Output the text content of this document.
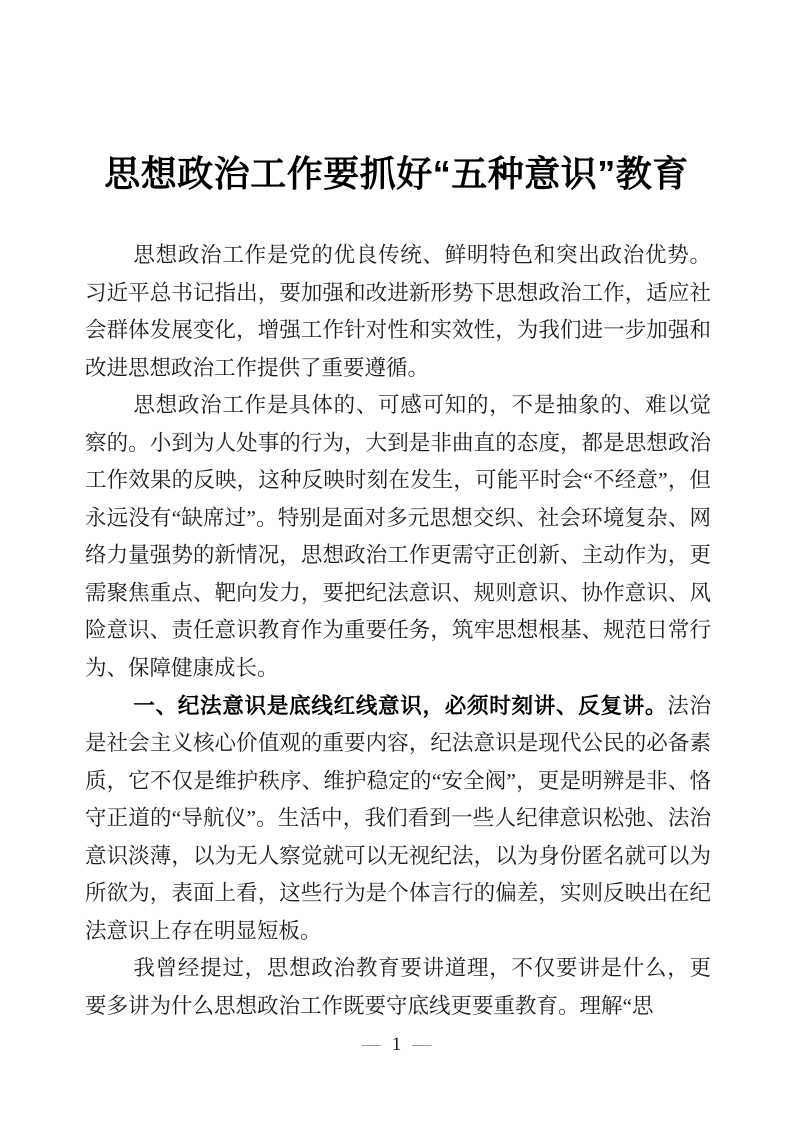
思想政治工作要抓好“五种意识”教育

思想政治工作是党的优良传统、鲜明特色和突出政治优势。习近平总书记指出，要加强和改进新形势下思想政治工作，适应社会群体发展变化，增强工作针对性和实效性，为我们进一步加强和改进思想政治工作提供了重要遵循。

思想政治工作是具体的、可感可知的，不是抽象的、难以觉察的。小到为人处事的行为，大到是非曲直的态度，都是思想政治工作效果的反映，这种反映时刻在发生，可能平时会“不经意”，但永远没有“缺席过”。特别是面对多元思想交织、社会环境复杂、网络力量强势的新情况，思想政治工作更需守正创新、主动作为，更需聚焦重点、靶向发力，要把纪法意识、规则意识、协作意识、风险意识、责任意识教育作为重要任务，筑牢思想根基、规范日常行为、保障健康成长。

一、纪法意识是底线红线意识，必须时刻讲、反复讲。法治是社会主义核心价值观的重要内容，纪法意识是现代公民的必备素质，它不仅是维护秩序、维护稳定的“安全阀”，更是明辨是非、恪守正道的“导航仪”。生活中，我们看到一些人纪律意识松弛、法治意识淡薄，以为无人察觉就可以无视纪法，以为身份匿名就可以为所欲为，表面上看，这些行为是个体言行的偏差，实则反映出在纪法意识上存在明显短板。

我曾经提过，思想政治教育要讲道理，不仅要讲是什么，更要多讲为什么思想政治工作既要守底线更要重教育。理解“思

— 1 —
